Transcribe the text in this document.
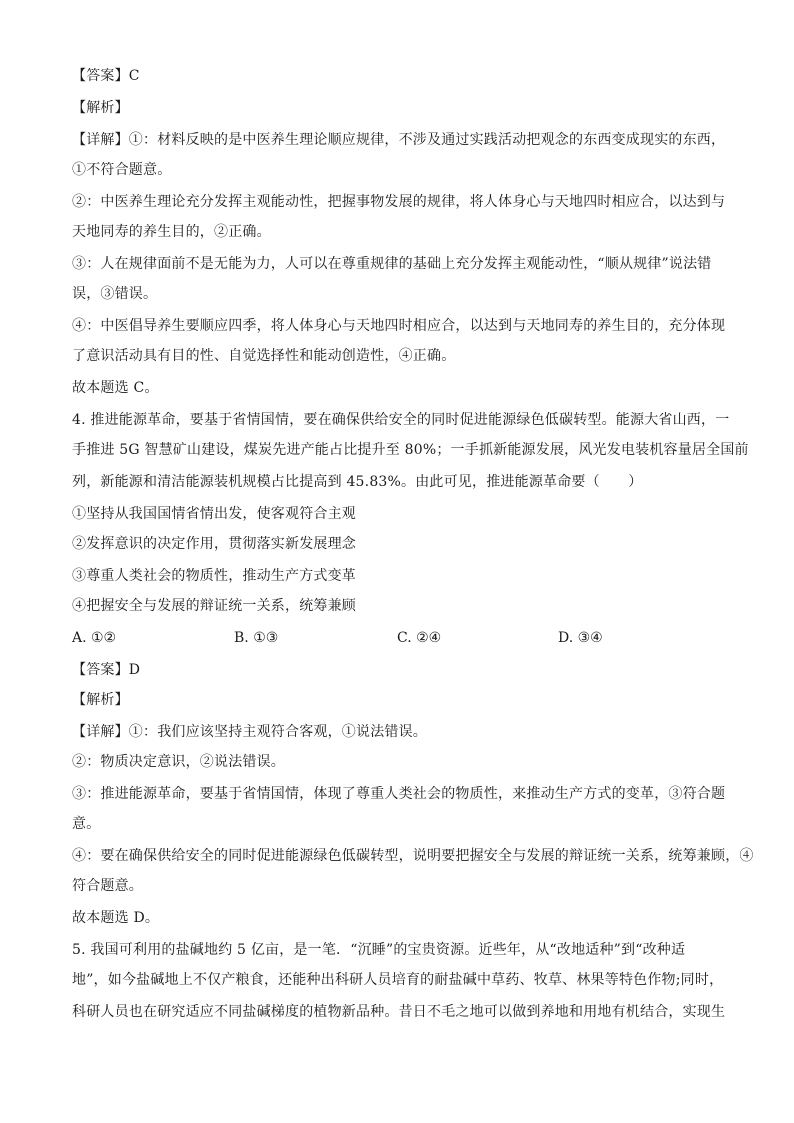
【答案】C
【解析】
【详解】①：材料反映的是中医养生理论顺应规律，不涉及通过实践活动把观念的东西变成现实的东西，
①不符合题意。
②：中医养生理论充分发挥主观能动性，把握事物发展的规律，将人体身心与天地四时相应合，以达到与
天地同寿的养生目的，②正确。
③：人在规律面前不是无能为力，人可以在尊重规律的基础上充分发挥主观能动性，“顺从规律”说法错
误，③错误。
④：中医倡导养生要顺应四季，将人体身心与天地四时相应合，以达到与天地同寿的养生目的，充分体现
了意识活动具有目的性、自觉选择性和能动创造性，④正确。
故本题选 C。
4. 推进能源革命，要基于省情国情，要在确保供给安全的同时促进能源绿色低碳转型。能源大省山西，一
手推进 5G 智慧矿山建设，煤炭先进产能占比提升至 80%；一手抓新能源发展，风光发电装机容量居全国前
列，新能源和清洁能源装机规模占比提高到 45.83%。由此可见，推进能源革命要（　　）
①坚持从我国国情省情出发，使客观符合主观
②发挥意识的决定作用，贯彻落实新发展理念
③尊重人类社会的物质性，推动生产方式变革
④把握安全与发展的辩证统一关系，统筹兼顾
A. ①②	B. ①③	C. ②④	D. ③④
【答案】D
【解析】
【详解】①：我们应该坚持主观符合客观，①说法错误。
②：物质决定意识，②说法错误。
③：推进能源革命，要基于省情国情，体现了尊重人类社会的物质性，来推动生产方式的变革，③符合题
意。
④：要在确保供给安全的同时促进能源绿色低碳转型，说明要把握安全与发展的辩证统一关系，统筹兼顾，④
符合题意。
故本题选 D。
5. 我国可利用的盐碱地约 5 亿亩，是一笔．“沉睡”的宝贵资源。近些年，从“改地适种”到“改种适
地”，如今盐碱地上不仅产粮食，还能种出科研人员培育的耐盐碱中草药、牧草、林果等特色作物;同时，
科研人员也在研究适应不同盐碱梯度的植物新品种。昔日不毛之地可以做到养地和用地有机结合，实现生
